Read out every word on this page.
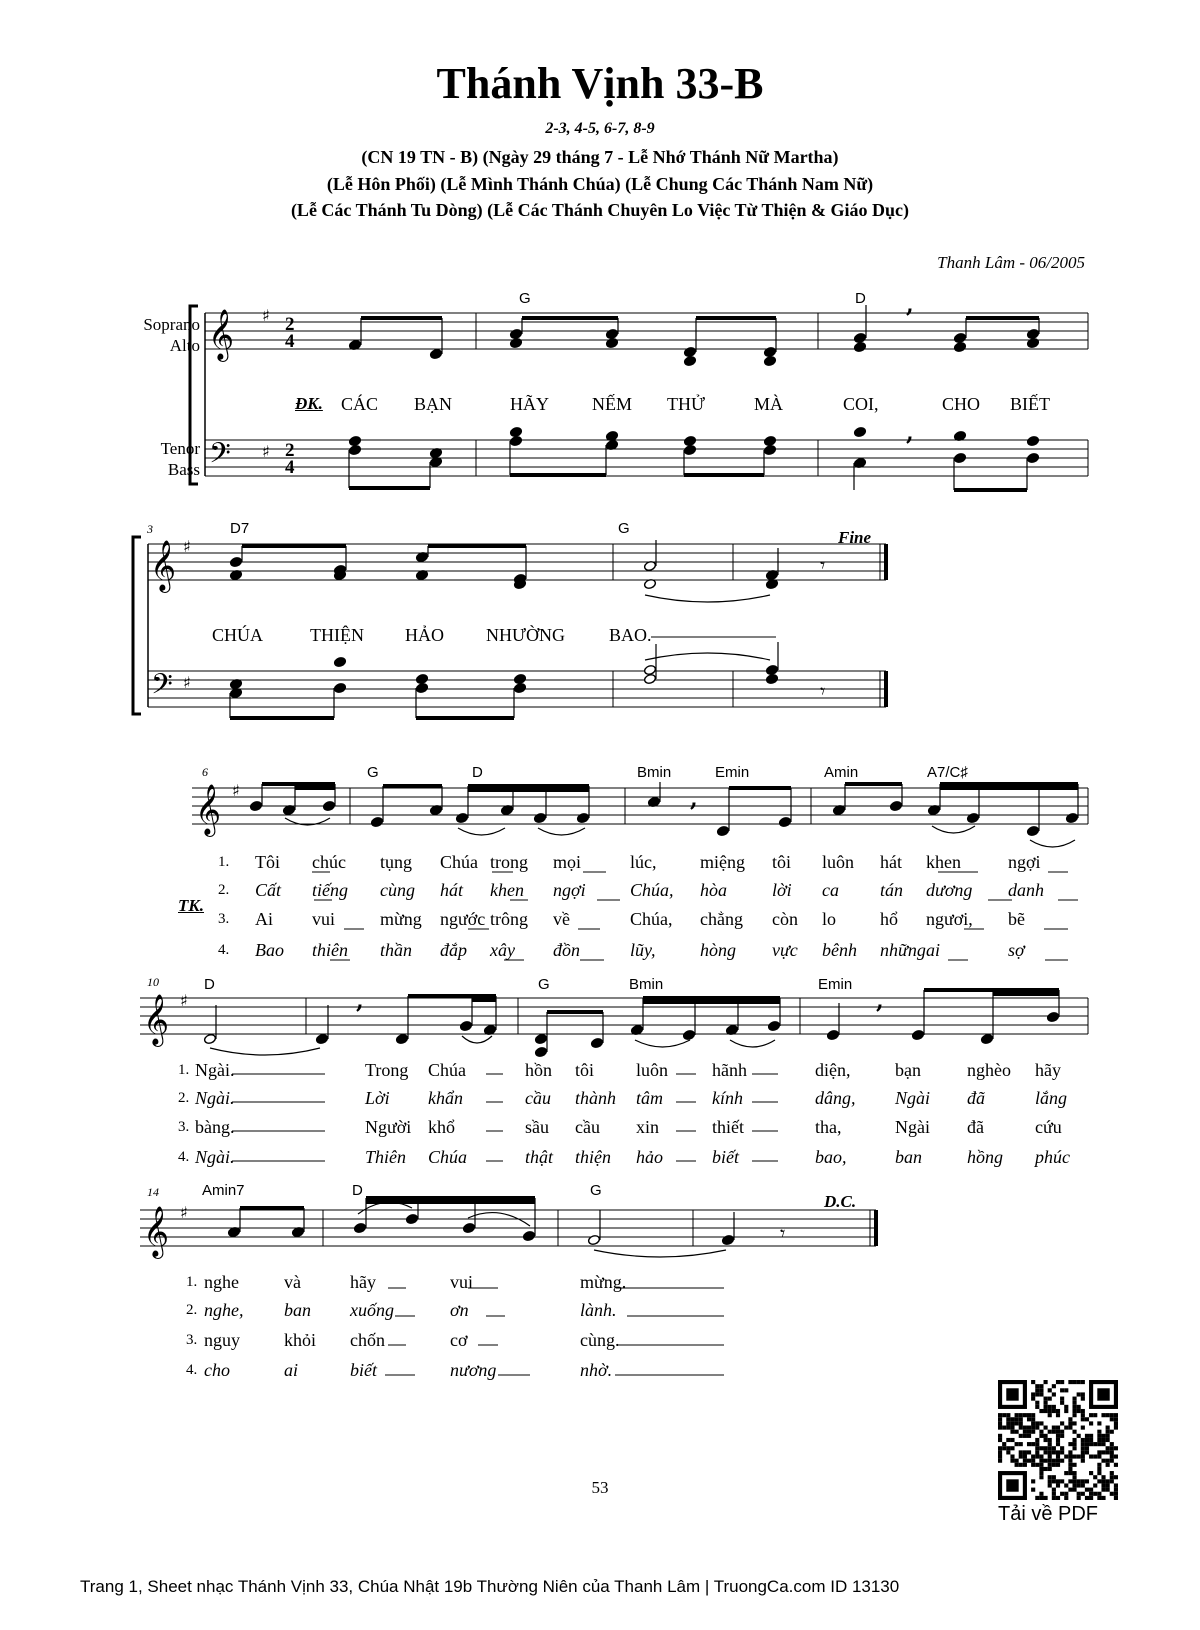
Thánh Vịnh 33-B
2-3, 4-5, 6-7, 8-9
(CN 19 TN - B) (Ngày 29 tháng 7 - Lễ Nhớ Thánh Nữ Martha)
(Lễ Hôn Phối) (Lễ Mình Thánh Chúa) (Lễ Chung Các Thánh Nam Nữ)
(Lễ Các Thánh Tu Dòng) (Lễ Các Thánh Chuyên Lo Việc Từ Thiện & Giáo Dục)
Thanh Lâm - 06/2005
Soprano
Alto
Tenor
Bass
𝄞
𝄢
♯
♯
,
,
𝄞
𝄢
♯
♯
𝄾
𝄾
𝄞 ♯	,
𝄞 ♯	,	,
𝄞 ♯
𝄾
2
4
2
4
3
6
10
14
G	D
D7	G
G	D	Bmin	Emin	Amin	A7/C♯
D	G	Bmin	Emin
Amin7	D	G
Fine
D.C.
ĐK. CÁC BẠN	HÃY NẾM THỬ	MÀ	COI,	CHO BIẾT
CHÚA	THIỆN HẢO NHƯỜNG BAO.
TK.
1. Tôi chúc tụng Chúa trong mọi	lúc, miệng tôi luôn hát khen	ngợi
2. Cất tiếng cùng hát khen ngợi Chúa, hòa	lời ca tán dương danh
3. Ai vui mừng ngước trông về	Chúa, chẳng còn lo hổ ngươi, bẽ
4. Bao thiên thần đắp xây đồn	lũy, hòng vực bênh những ai	sợ
1. Ngài.	Trong Chúa	hồn tôi luôn hãnh	diện, bạn	nghèo hãy
2. Ngài.	Lời khẩn	cầu thành tâm	kính	dâng, Ngài đã	lắng
3. bàng.	Người khổ	sầu cầu xin	thiết	tha,	Ngài đã	cứu
4. Ngài.	Thiên Chúa	thật thiện hảo	biết	bao,	ban	hồng phúc
1. nghe	và	hãy	vui	mừng.
2. nghe, ban xuống	ơn	lành.
3. nguy khỏi chốn	cơ	cùng.
4. cho	ai	biết	nương	nhờ.
Tải về PDF
53
Trang 1, Sheet nhạc Thánh Vịnh 33, Chúa Nhật 19b Thường Niên của Thanh Lâm | TruongCa.com ID 13130
